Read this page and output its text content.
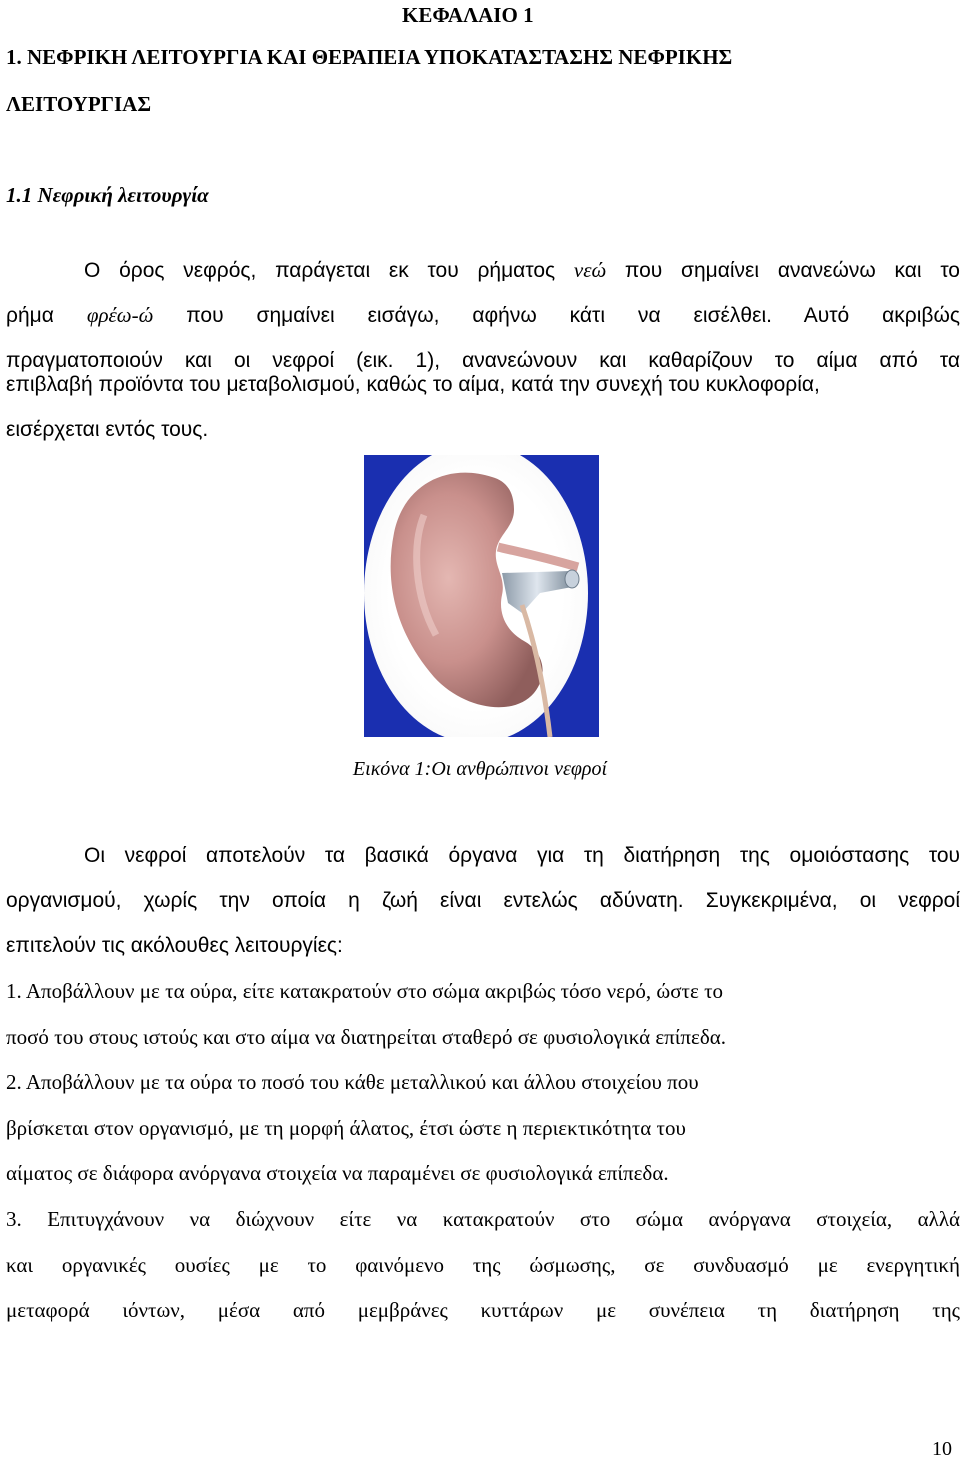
ΚΕΦΑΛΑΙΟ 1
1. ΝΕΦΡΙΚΗ ΛΕΙΤΟΥΡΓΙΑ ΚΑΙ ΘΕΡΑΠΕΙΑ ΥΠΟΚΑΤΑΣΤΑΣΗΣ ΝΕΦΡΙΚΗΣ
ΛΕΙΤΟΥΡΓΙΑΣ
1.1 Νεφρική λειτουργία
Ο όρος νεφρός, παράγεται εκ του ρήματος νεώ που σημαίνει ανανεώνω και το
ρήμα φρέω-ώ που σημαίνει εισάγω, αφήνω κάτι να εισέλθει. Αυτό ακριβώς
πραγματοποιούν και οι νεφροί (εικ. 1), ανανεώνουν και καθαρίζουν το αίμα από τα
επιβλαβή προϊόντα του μεταβολισμού, καθώς το αίμα, κατά την συνεχή του κυκλοφορία,
εισέρχεται εντός τους.
Εικόνα 1:Οι ανθρώπινοι νεφροί
Οι νεφροί αποτελούν τα βασικά όργανα για τη διατήρηση της ομοιόστασης του
οργανισμού, χωρίς την οποία η ζωή είναι εντελώς αδύνατη. Συγκεκριμένα, οι νεφροί
επιτελούν τις ακόλουθες λειτουργίες:
1. Αποβάλλουν με τα ούρα, είτε κατακρατούν στο σώμα ακριβώς τόσο νερό, ώστε το
ποσό του στους ιστούς και στο αίμα να διατηρείται σταθερό σε φυσιολογικά επίπεδα.
2. Αποβάλλουν με τα ούρα το ποσό του κάθε μεταλλικού και άλλου στοιχείου που
βρίσκεται στον οργανισμό, με τη μορφή άλατος, έτσι ώστε η περιεκτικότητα του
αίματος σε διάφορα ανόργανα στοιχεία να παραμένει σε φυσιολογικά επίπεδα.
3. Επιτυγχάνουν να διώχνουν είτε να κατακρατούν στο σώμα ανόργανα στοιχεία, αλλά
και οργανικές ουσίες με το φαινόμενο της ώσμωσης, σε συνδυασμό με ενεργητική
μεταφορά ιόντων, μέσα από μεμβράνες κυττάρων με συνέπεια τη διατήρηση της
10
